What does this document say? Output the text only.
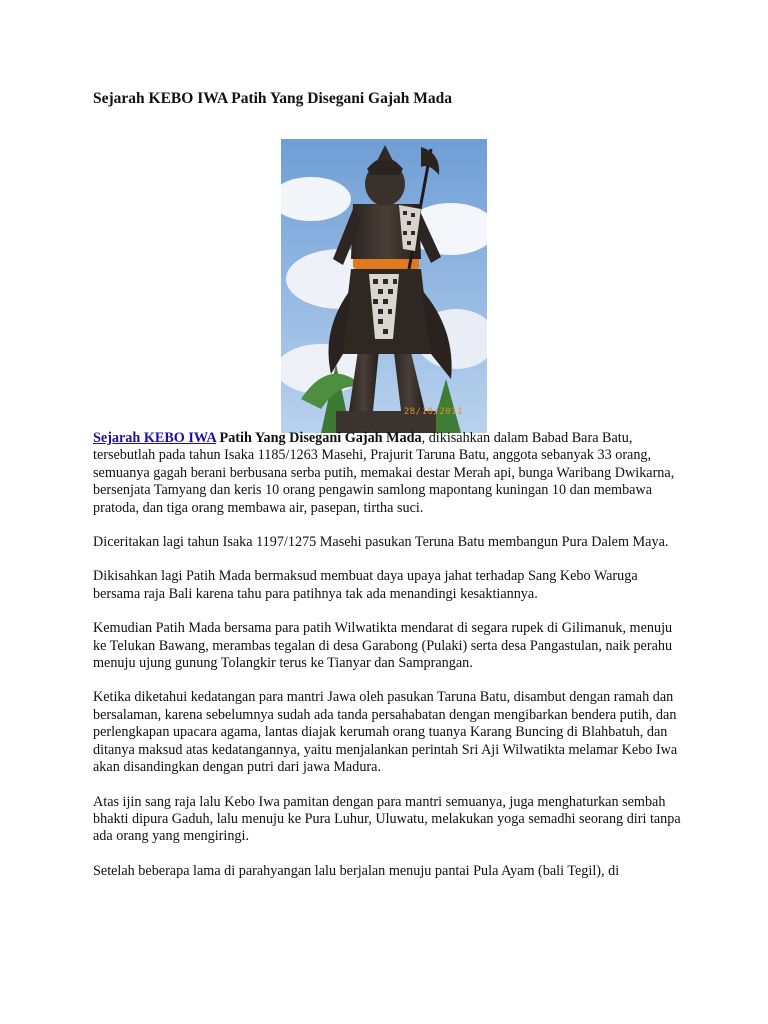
Sejarah KEBO IWA Patih Yang Disegani Gajah Mada
28/10/2011

Sejarah KEBO IWA Patih Yang Disegani Gajah Mada, dikisahkan dalam Babad Bara Batu, tersebutlah pada tahun Isaka 1185/1263 Masehi, Prajurit Taruna Batu, anggota sebanyak 33 orang, semuanya gagah berani berbusana serba putih, memakai destar Merah api, bunga Waribang Dwikarna, bersenjata Tamyang dan keris 10 orang pengawin samlong mapontang kuningan 10 dan membawa pratoda, dan tiga orang membawa air, pasepan, tirtha suci.

Diceritakan lagi tahun Isaka 1197/1275 Masehi pasukan Teruna Batu membangun Pura Dalem Maya.

Dikisahkan lagi Patih Mada bermaksud membuat daya upaya jahat terhadap Sang Kebo Waruga bersama raja Bali karena tahu para patihnya tak ada menandingi kesaktiannya.

Kemudian Patih Mada bersama para patih Wilwatikta mendarat di segara rupek di Gilimanuk, menuju ke Telukan Bawang, merambas tegalan di desa Garabong (Pulaki) serta desa Pangastulan, naik perahu menuju ujung gunung Tolangkir terus ke Tianyar dan Samprangan.

Ketika diketahui kedatangan para mantri Jawa oleh pasukan Taruna Batu, disambut dengan ramah dan bersalaman, karena sebelumnya sudah ada tanda persahabatan dengan mengibarkan bendera putih, dan perlengkapan upacara agama, lantas diajak kerumah orang tuanya Karang Buncing di Blahbatuh, dan ditanya maksud atas kedatangannya, yaitu menjalankan perintah Sri Aji Wilwatikta melamar Kebo Iwa akan disandingkan dengan putri dari jawa Madura.

Atas ijin sang raja lalu Kebo Iwa pamitan dengan para mantri semuanya, juga menghaturkan sembah bhakti dipura Gaduh, lalu menuju ke Pura Luhur, Uluwatu, melakukan yoga semadhi seorang diri tanpa ada orang yang mengiringi.

Setelah beberapa lama di parahyangan lalu berjalan menuju pantai Pula Ayam (bali Tegil), di
